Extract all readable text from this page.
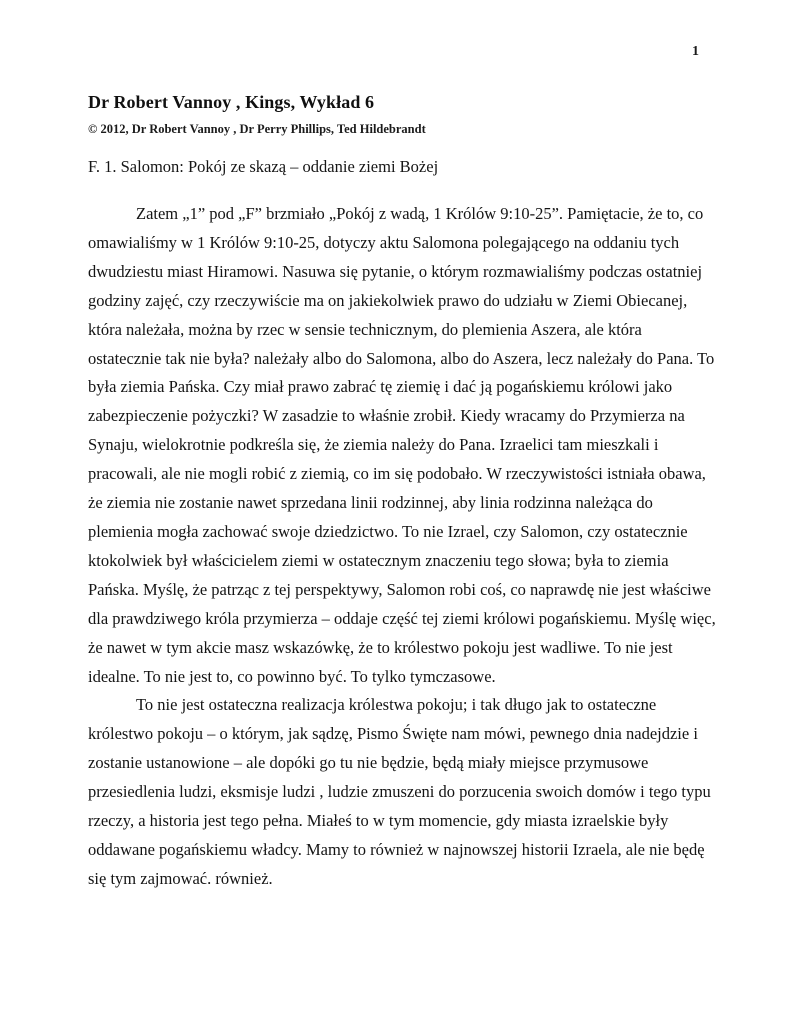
1
Dr Robert Vannoy , Kings, Wykład 6
© 2012, Dr Robert Vannoy , Dr Perry Phillips, Ted Hildebrandt
F. 1. Salomon: Pokój ze skazą – oddanie ziemi Bożej

Zatem „1” pod „F” brzmiało „Pokój z wadą, 1 Królów 9:10-25”. Pamiętacie, że to, co omawialiśmy w 1 Królów 9:10-25, dotyczy aktu Salomona polegającego na oddaniu tych dwudziestu miast Hiramowi. Nasuwa się pytanie, o którym rozmawialiśmy podczas ostatniej godziny zajęć, czy rzeczywiście ma on jakiekolwiek prawo do udziału w Ziemi Obiecanej, która należała, można by rzec w sensie technicznym, do plemienia Aszera, ale która ostatecznie tak nie była? należały albo do Salomona, albo do Aszera, lecz należały do Pana. To była ziemia Pańska. Czy miał prawo zabrać tę ziemię i dać ją pogańskiemu królowi jako zabezpieczenie pożyczki? W zasadzie to właśnie zrobił. Kiedy wracamy do Przymierza na Synaju, wielokrotnie podkreśla się, że ziemia należy do Pana. Izraelici tam mieszkali i pracowali, ale nie mogli robić z ziemią, co im się podobało. W rzeczywistości istniała obawa, że ziemia nie zostanie nawet sprzedana linii rodzinnej, aby linia rodzinna należąca do plemienia mogła zachować swoje dziedzictwo. To nie Izrael, czy Salomon, czy ostatecznie ktokolwiek był właścicielem ziemi w ostatecznym znaczeniu tego słowa; była to ziemia Pańska. Myślę, że patrząc z tej perspektywy, Salomon robi coś, co naprawdę nie jest właściwe dla prawdziwego króla przymierza – oddaje część tej ziemi królowi pogańskiemu. Myślę więc, że nawet w tym akcie masz wskazówkę, że to królestwo pokoju jest wadliwe. To nie jest idealne. To nie jest to, co powinno być. To tylko tymczasowe.

To nie jest ostateczna realizacja królestwa pokoju; i tak długo jak to ostateczne królestwo pokoju – o którym, jak sądzę, Pismo Święte nam mówi, pewnego dnia nadejdzie i zostanie ustanowione – ale dopóki go tu nie będzie, będą miały miejsce przymusowe przesiedlenia ludzi, eksmisje ludzi , ludzie zmuszeni do porzucenia swoich domów i tego typu rzeczy, a historia jest tego pełna. Miałeś to w tym momencie, gdy miasta izraelskie były oddawane pogańskiemu władcy. Mamy to również w najnowszej historii Izraela, ale nie będę się tym zajmować. również.
